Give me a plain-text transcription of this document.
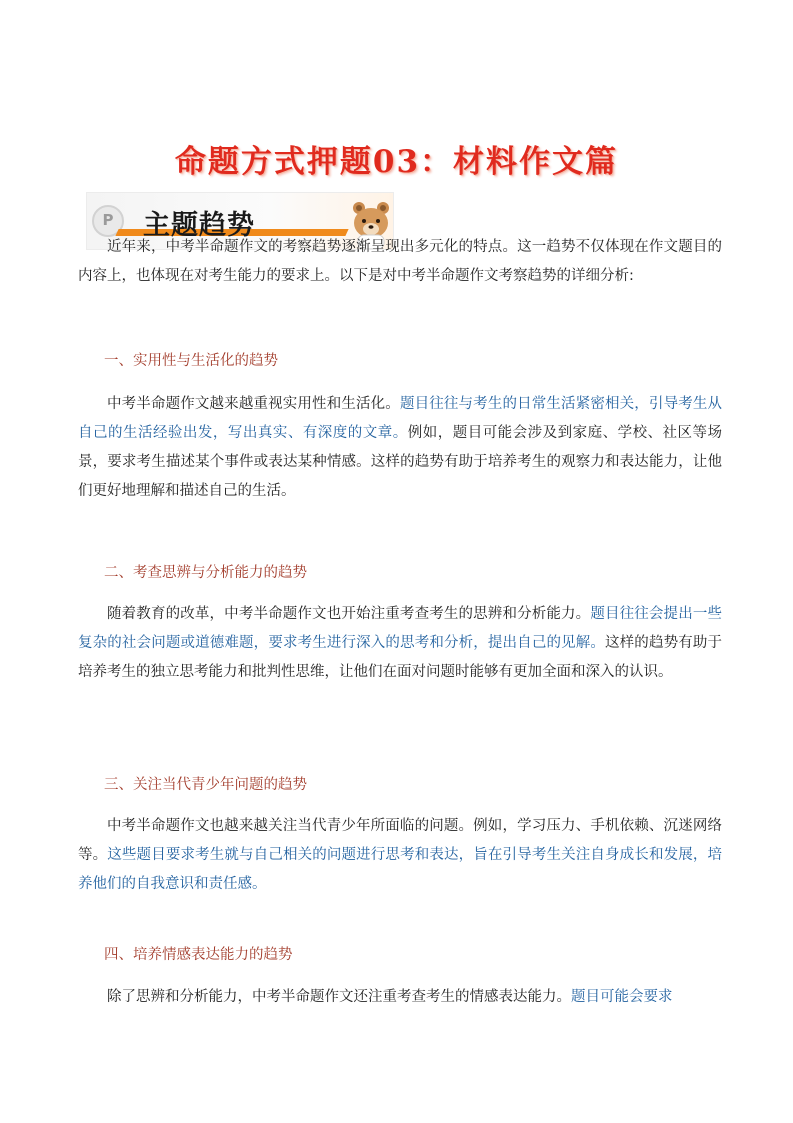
命题方式押题03：材料作文篇
P	主题趋势

近年来，中考半命题作文的考察趋势逐渐呈现出多元化的特点。这一趋势不仅体现在作文题目的内容上，也体现在对考生能力的要求上。以下是对中考半命题作文考察趋势的详细分析:

一、实用性与生活化的趋势

中考半命题作文越来越重视实用性和生活化。题目往往与考生的日常生活紧密相关，引导考生从自己的生活经验出发，写出真实、有深度的文章。例如，题目可能会涉及到家庭、学校、社区等场景，要求考生描述某个事件或表达某种情感。这样的趋势有助于培养考生的观察力和表达能力，让他们更好地理解和描述自己的生活。

二、考查思辨与分析能力的趋势

随着教育的改革，中考半命题作文也开始注重考查考生的思辨和分析能力。题目往往会提出一些复杂的社会问题或道德难题，要求考生进行深入的思考和分析，提出自己的见解。这样的趋势有助于培养考生的独立思考能力和批判性思维，让他们在面对问题时能够有更加全面和深入的认识。

三、关注当代青少年问题的趋势

中考半命题作文也越来越关注当代青少年所面临的问题。例如，学习压力、手机依赖、沉迷网络等。这些题目要求考生就与自己相关的问题进行思考和表达，旨在引导考生关注自身成长和发展，培养他们的自我意识和责任感。

四、培养情感表达能力的趋势

除了思辨和分析能力，中考半命题作文还注重考查考生的情感表达能力。题目可能会要求
